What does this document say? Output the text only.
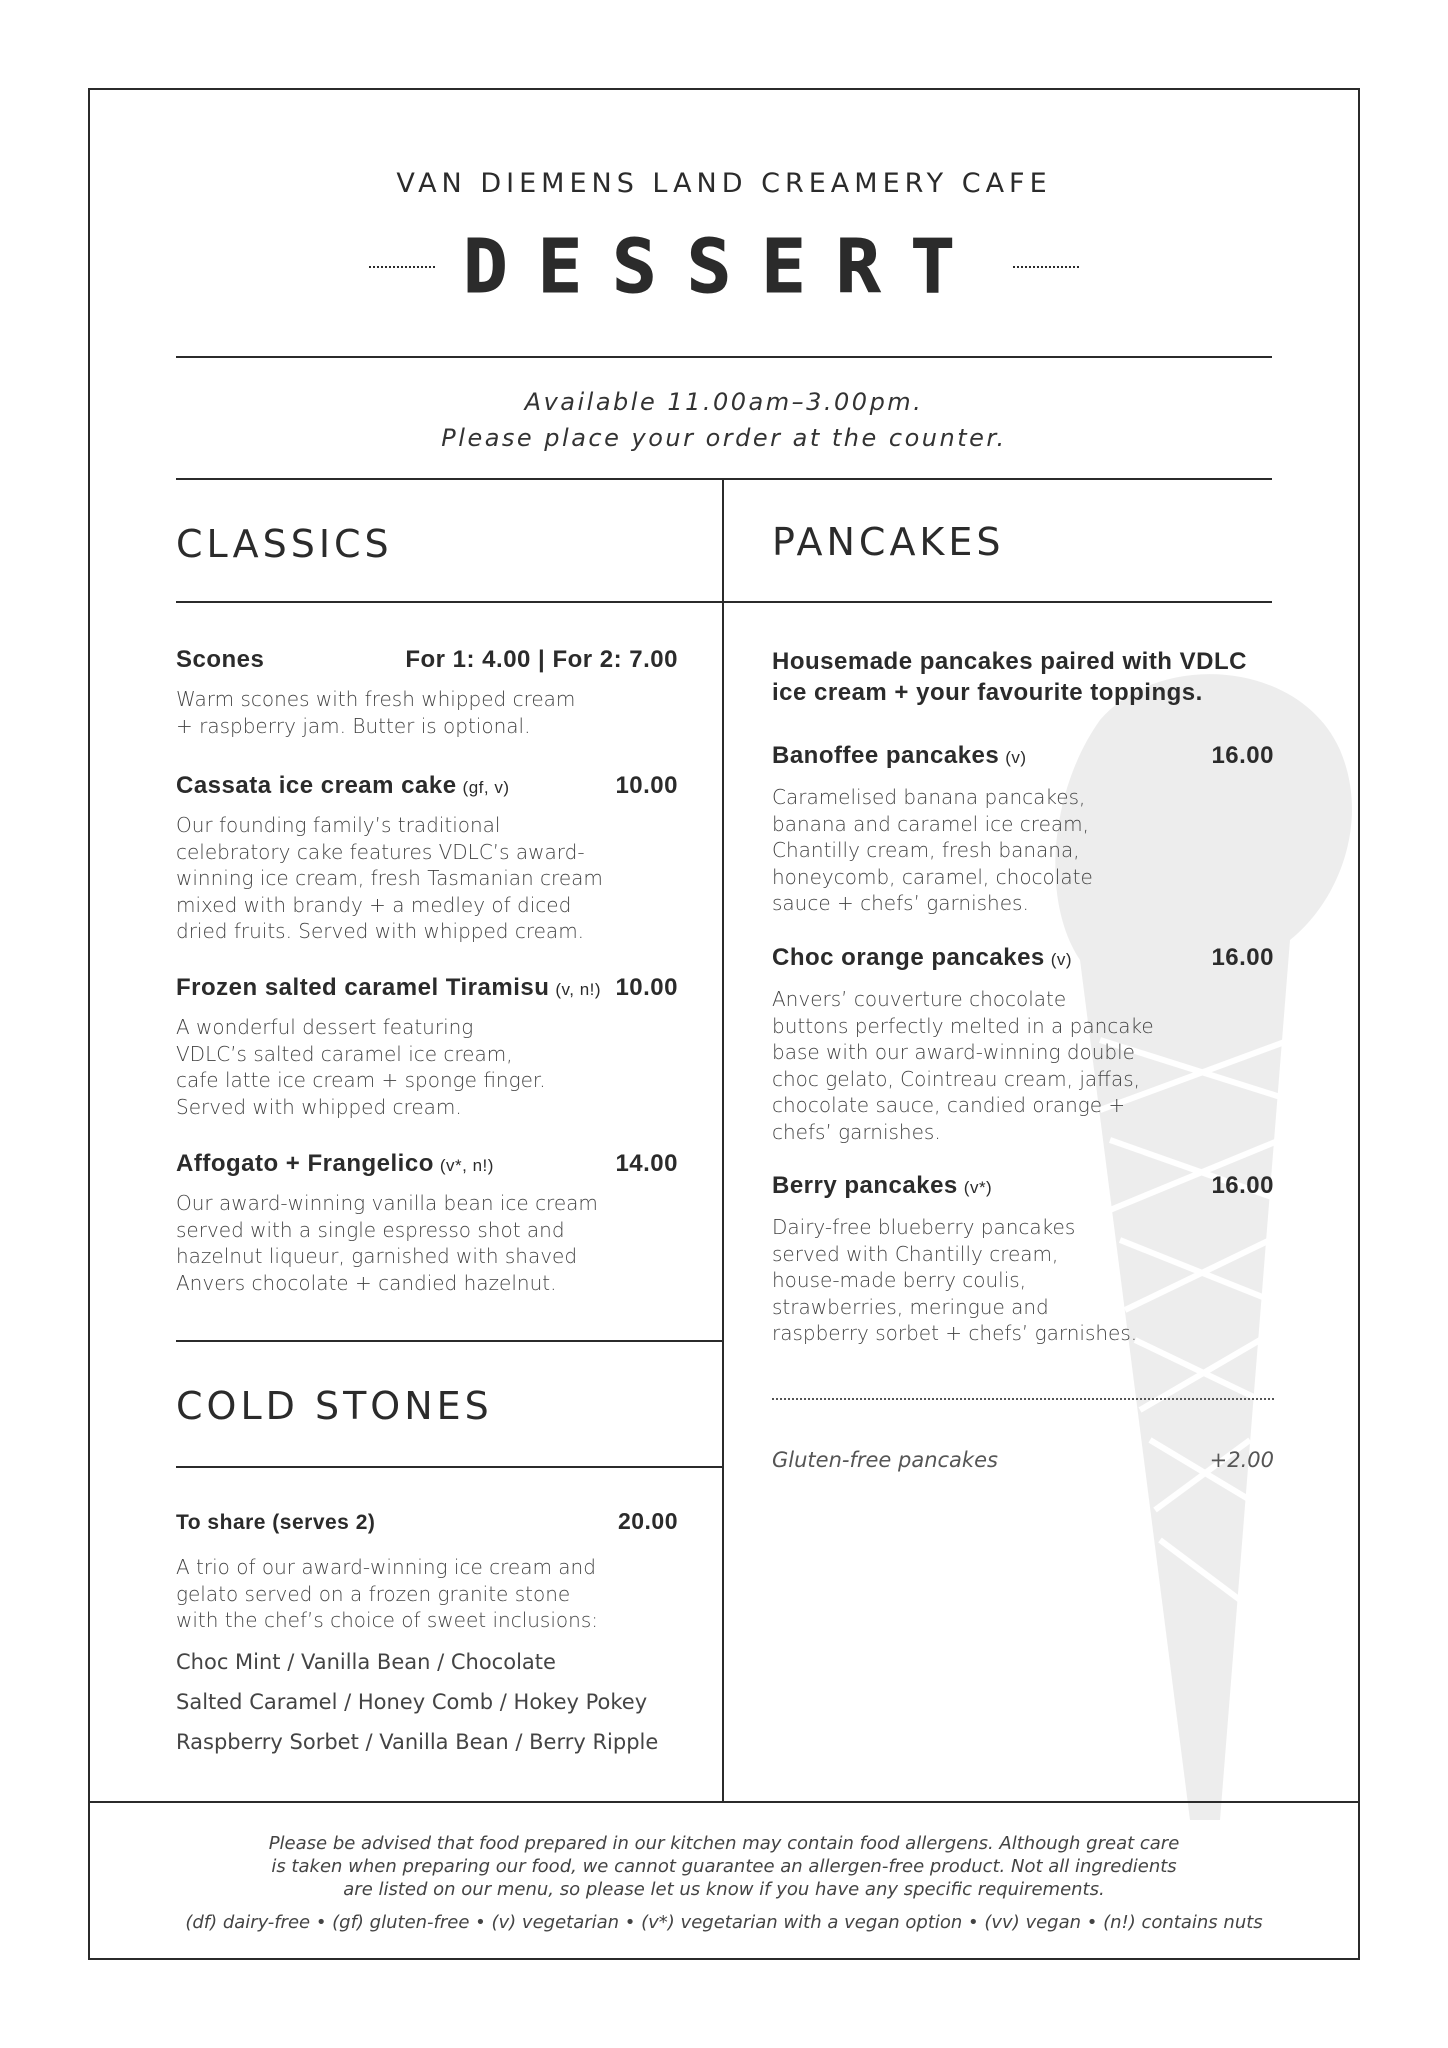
VAN DIEMENS LAND CREAMERY CAFE
DESSERT
Available 11.00am–3.00pm.
Please place your order at the counter.
CLASSICS
Scones	For 1: 4.00 | For 2: 7.00
Warm scones with fresh whipped cream
+ raspberry jam. Butter is optional.
Cassata ice cream cake (gf, v)	10.00
Our founding family’s traditional
celebratory cake features VDLC’s award-
winning ice cream, fresh Tasmanian cream
mixed with brandy + a medley of diced
dried fruits. Served with whipped cream.
Frozen salted caramel Tiramisu (v, n!) 10.00
A wonderful dessert featuring
VDLC’s salted caramel ice cream,
cafe latte ice cream + sponge finger.
Served with whipped cream.
Affogato + Frangelico (v*, n!)	14.00
Our award-winning vanilla bean ice cream
served with a single espresso shot and
hazelnut liqueur, garnished with shaved
Anvers chocolate + candied hazelnut.
COLD STONES
To share (serves 2)	20.00
A trio of our award-winning ice cream and
gelato served on a frozen granite stone
with the chef’s choice of sweet inclusions:
Choc Mint / Vanilla Bean / Chocolate
Salted Caramel / Honey Comb / Hokey Pokey
Raspberry Sorbet / Vanilla Bean / Berry Ripple
PANCAKES
Housemade pancakes paired with VDLC
ice cream + your favourite toppings.
Banoffee pancakes (v)	16.00
Caramelised banana pancakes,
banana and caramel ice cream,
Chantilly cream, fresh banana,
honeycomb, caramel, chocolate
sauce + chefs’ garnishes.
Choc orange pancakes (v)	16.00
Anvers’ couverture chocolate
buttons perfectly melted in a pancake
base with our award-winning double
choc gelato, Cointreau cream, jaffas,
chocolate sauce, candied orange +
chefs’ garnishes.
Berry pancakes (v*)	16.00
Dairy-free blueberry pancakes
served with Chantilly cream,
house-made berry coulis,
strawberries, meringue and
raspberry sorbet + chefs’ garnishes.
Gluten-free pancakes	+2.00
Please be advised that food prepared in our kitchen may contain food allergens. Although great care
is taken when preparing our food, we cannot guarantee an allergen-free product. Not all ingredients
are listed on our menu, so please let us know if you have any specific requirements.
(df) dairy-free • (gf) gluten-free • (v) vegetarian • (v*) vegetarian with a vegan option • (vv) vegan • (n!) contains nuts
